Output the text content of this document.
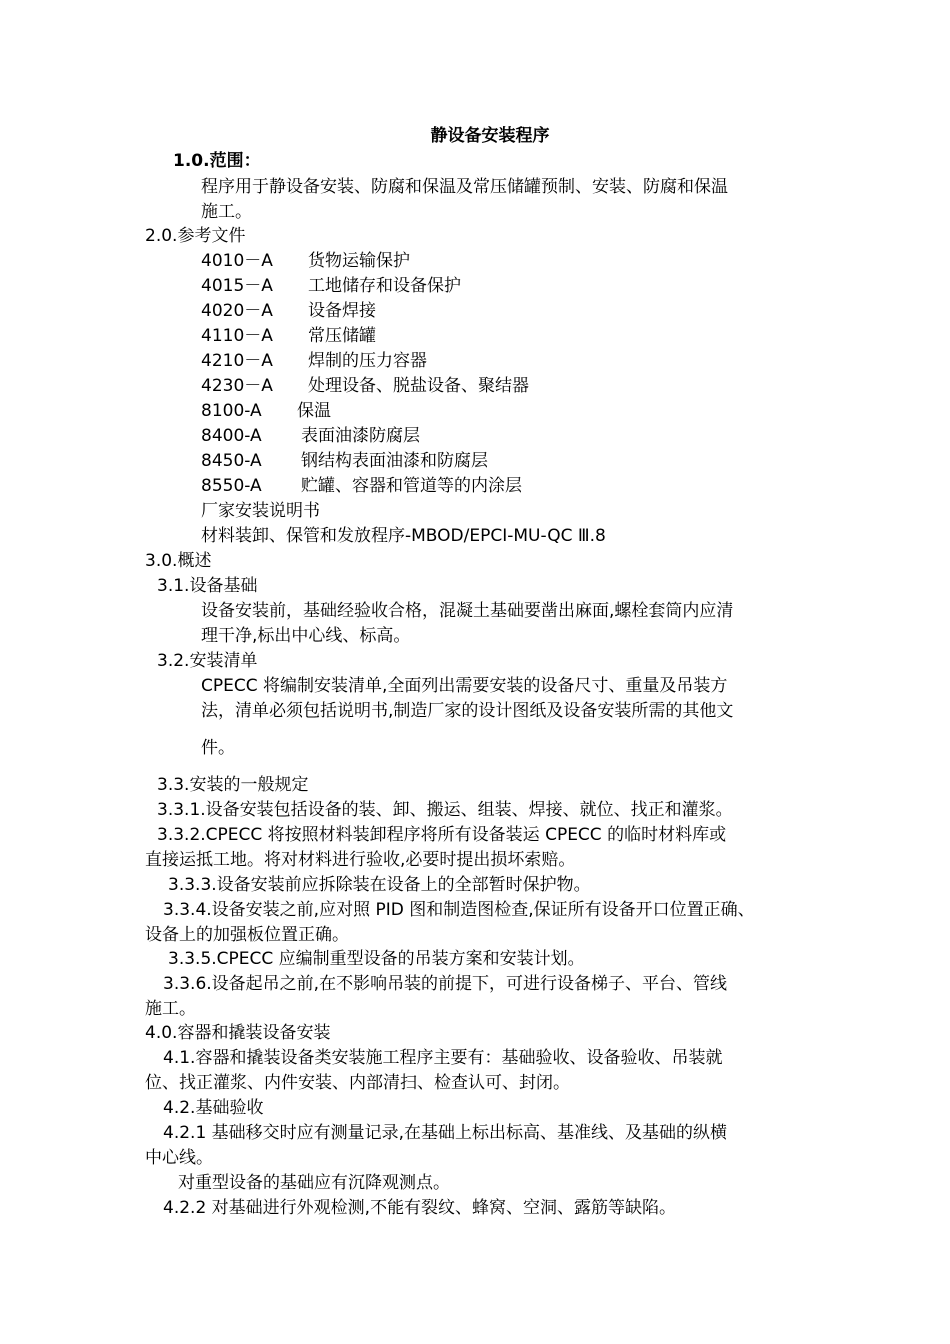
静设备安装程序
1.0.范围：
程序用于静设备安装、防腐和保温及常压储罐预制、安装、防腐和保温
施工。
2.0.参考文件
4010－A 货物运输保护
4015－A 工地储存和设备保护
4020－A 设备焊接
4110－A 常压储罐
4210－A 焊制的压力容器
4230－A 处理设备、脱盐设备、聚结器
8100-A 保温
8400-A 表面油漆防腐层
8450-A 钢结构表面油漆和防腐层
8550-A 贮罐、容器和管道等的内涂层
厂家安装说明书
材料装卸、保管和发放程序-MBOD/EPCⅠ-MU-QC Ⅲ.8
3.0.概述
3.1.设备基础
设备安装前，基础经验收合格，混凝土基础要凿出麻面,螺栓套筒内应清
理干净,标出中心线、标高。
3.2.安装清单
CPECC 将编制安装清单,全面列出需要安装的设备尺寸、重量及吊装方
法，清单必须包括说明书,制造厂家的设计图纸及设备安装所需的其他文
件。
3.3.安装的一般规定
3.3.1.设备安装包括设备的装、卸、搬运、组装、焊接、就位、找正和灌浆。
3.3.2.CPECC 将按照材料装卸程序将所有设备装运 CPECC 的临时材料库或
直接运抵工地。将对材料进行验收,必要时提出损坏索赔。
3.3.3.设备安装前应拆除装在设备上的全部暂时保护物。
3.3.4.设备安装之前,应对照 PID 图和制造图检查,保证所有设备开口位置正确、
设备上的加强板位置正确。
3.3.5.CPECC 应编制重型设备的吊装方案和安装计划。
3.3.6.设备起吊之前,在不影响吊装的前提下，可进行设备梯子、平台、管线
施工。
4.0.容器和撬装设备安装
4.1.容器和撬装设备类安装施工程序主要有：基础验收、设备验收、吊装就
位、找正灌浆、内件安装、内部清扫、检查认可、封闭。
4.2.基础验收
4.2.1 基础移交时应有测量记录,在基础上标出标高、基准线、及基础的纵横
中心线。
对重型设备的基础应有沉降观测点。
4.2.2 对基础进行外观检测,不能有裂纹、蜂窝、空洞、露筋等缺陷。
